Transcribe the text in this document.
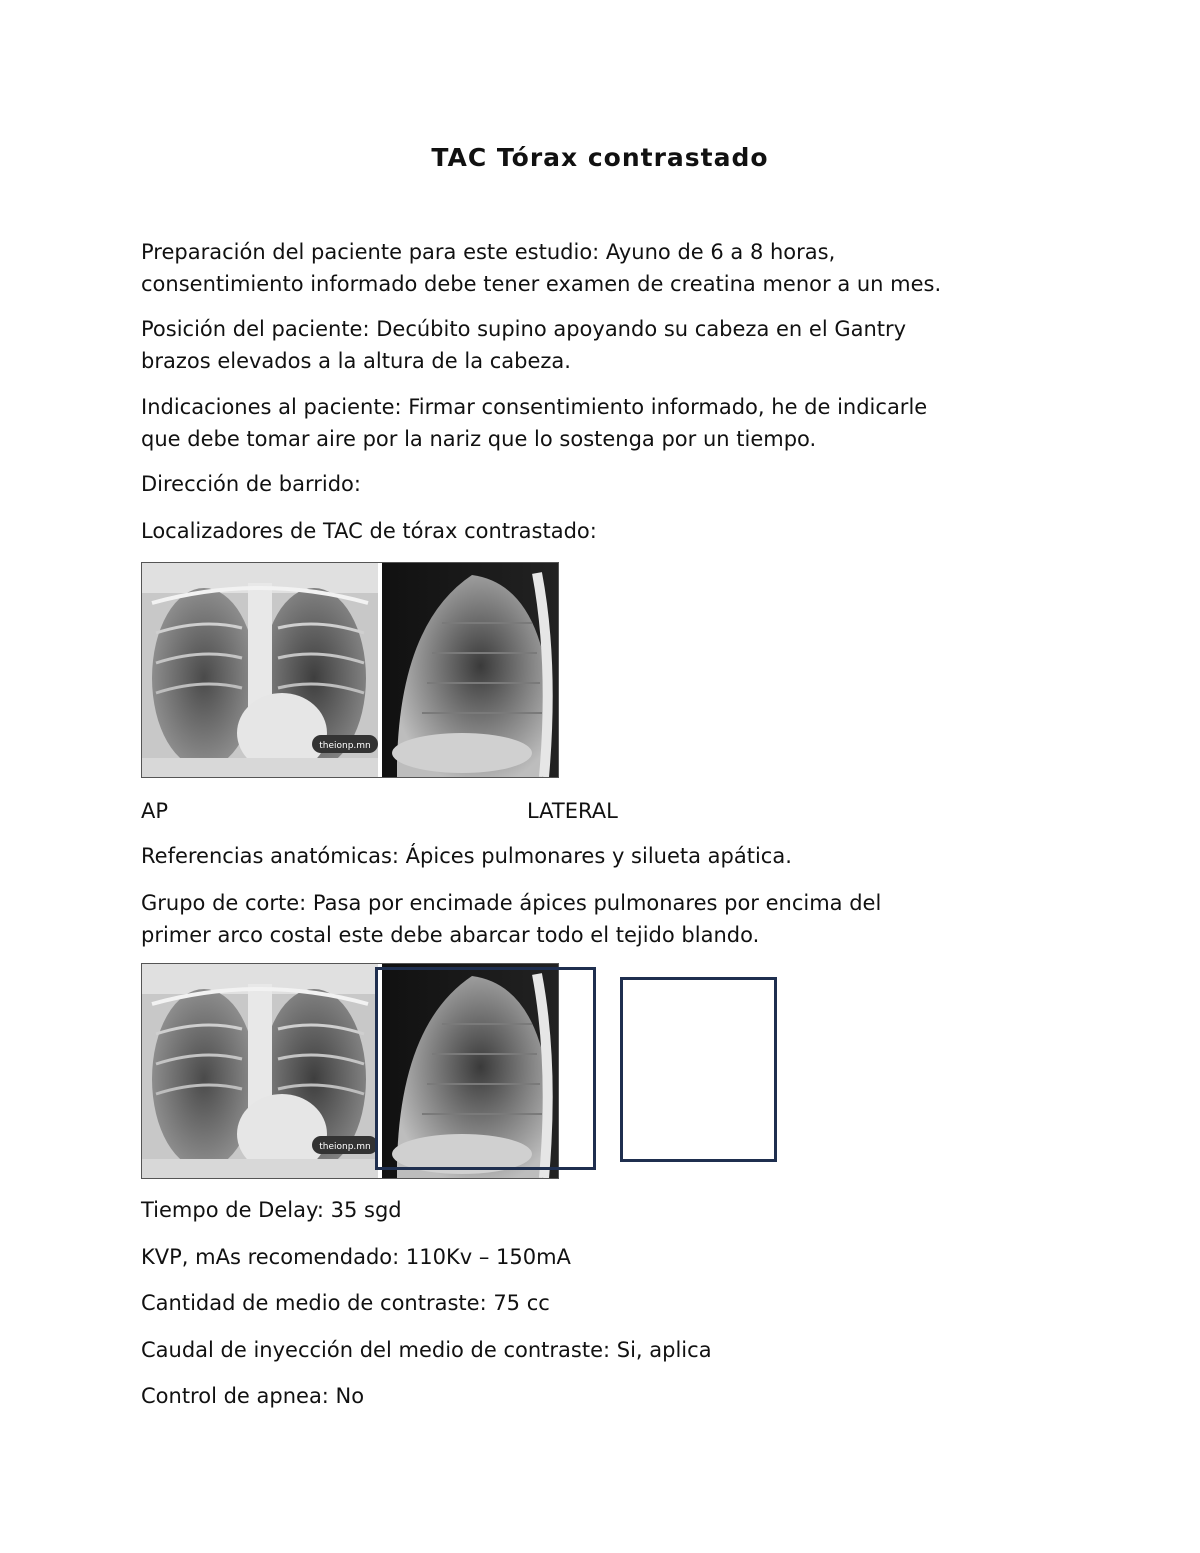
TAC Tórax contrastado

Preparación del paciente para este estudio: Ayuno de 6 a 8 horas,
consentimiento informado debe tener examen de creatina menor a un mes.

Posición del paciente: Decúbito supino apoyando su cabeza en el Gantry
brazos elevados a la altura de la cabeza.

Indicaciones al paciente: Firmar consentimiento informado, he de indicarle
que debe tomar aire por la nariz que lo sostenga por un tiempo.

Dirección de barrido:

Localizadores de TAC de tórax contrastado:

theionp.mn
AP	LATERAL

Referencias anatómicas: Ápices pulmonares y silueta apática.

Grupo de corte: Pasa por encimade ápices pulmonares por encima del
primer arco costal este debe abarcar todo el tejido blando.

theionp.mn

Tiempo de Delay: 35 sgd

KVP, mAs recomendado: 110Kv – 150mA

Cantidad de medio de contraste: 75 cc

Caudal de inyección del medio de contraste: Si, aplica

Control de apnea: No
